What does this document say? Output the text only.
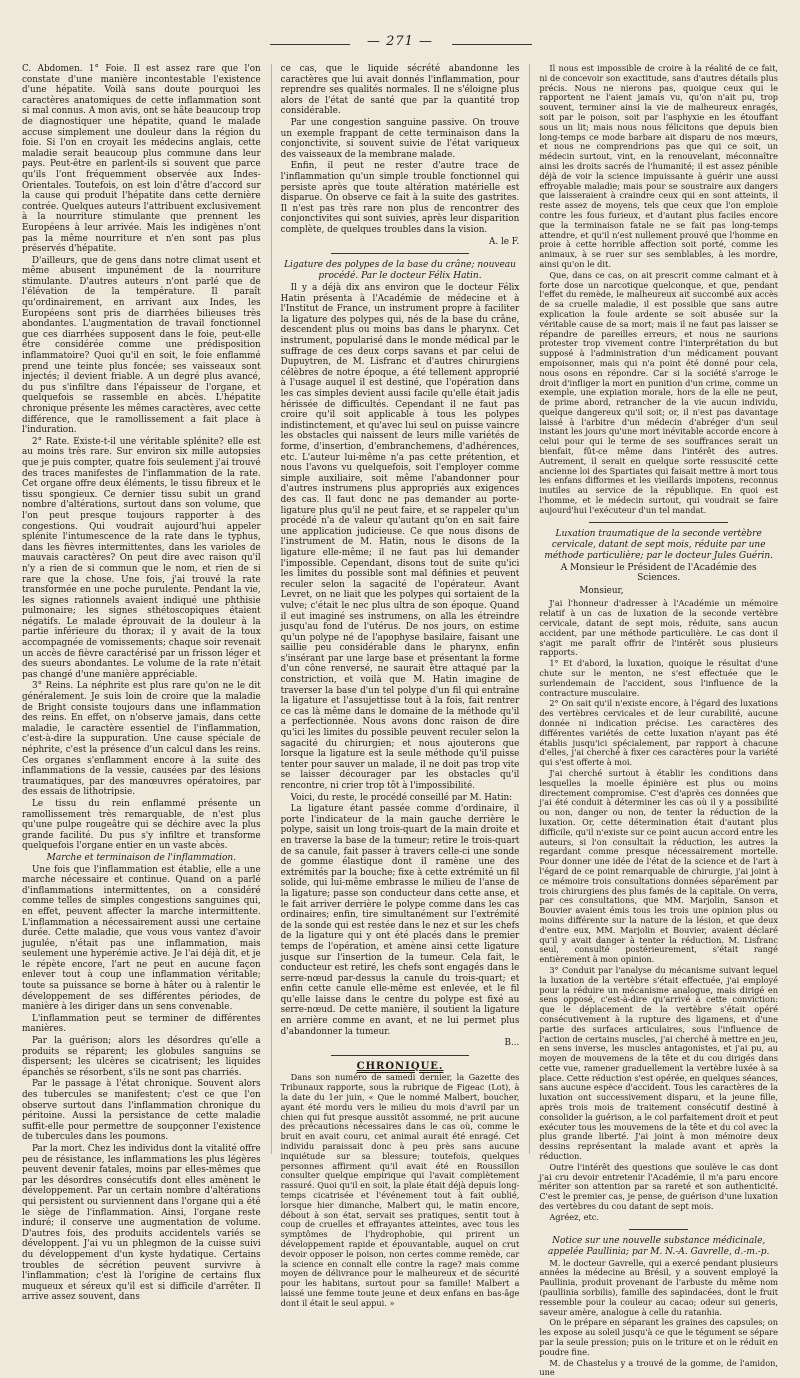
— 271 —

C. Abdomen. 1° Foie. Il est assez rare que l'on constate d'une manière incontestable l'existence d'une hépatite. Voilà sans doute pourquoi les caractères anatomiques de cette inflammation sont si mal connus. A mon avis, ont se hâte beaucoup trop de diagnostiquer une hépatite, quand le malade accuse simplement une douleur dans la région du foie. Si l'on en croyait les médecins anglais, cette maladie serait beaucoup plus commune dans leur pays. Peut-être en parlent-ils si souvent que parce qu'ils l'ont fréquemment observée aux Indes-Orientales. Toutefois, on est loin d'être d'accord sur la cause qui produit l'hépatite dans cette dernière contrée. Quelques auteurs l'attribuent exclusivement à la nourriture stimulante que prennent les Européens à leur arrivée. Mais les indigènes n'ont pas la même nourriture et n'en sont pas plus préservés d'hépatite.

D'ailleurs, que de gens dans notre climat usent et même abusent impunément de la nourriture stimulante. D'autres auteurs n'ont parlé que de l'élévation de la température. Il paraît qu'ordinairement, en arrivant aux Indes, les Européens sont pris de diarrhées bilieuses très abondantes. L'augmentation de travail fonctionnel que ces diarrhées supposent dans le foie, peut-elle être considérée comme une prédisposition inflammatoire? Quoi qu'il en soit, le foie enflammé prend une teinte plus foncée; ses vaisseaux sont injectés; il devient friable. A un degré plus avancé, du pus s'infiltre dans l'épaisseur de l'organe, et quelquefois se rassemble en abcès. L'hépatite chronique présente les mêmes caractères, avec cette différence, que le ramollissement a fait place à l'induration.

2° Rate. Existe-t-il une véritable splénite? elle est au moins très rare. Sur environ six mille autopsies que je puis compter, quatre fois seulement j'ai trouvé des traces manifestes de l'inflammation de la rate. Cet organe offre deux éléments, le tissu fibreux et le tissu spongieux. Ce dernier tissu subit un grand nombre d'altérations, surtout dans son volume, que l'on peut presque toujours rapporter à des congestions. Qui voudrait aujourd'hui appeler splénite l'intumescence de la rate dans le typhus, dans les fièvres intermittentes, dans les varioles de mauvais caractères? On peut dire avec raison qu'il n'y a rien de si commun que le nom, et rien de si rare que la chose. Une fois, j'ai trouvé la rate transformée en une poche purulente. Pendant la vie, les signes rationnels avaient indiqué une phthisie pulmonaire; les signes sthétoscopiques étaient négatifs. Le malade éprouvait de la douleur à la partie inférieure du thorax; il y avait de la toux accompagnée de vomissements; chaque soir revenait un accès de fièvre caractérisé par un frisson léger et des sueurs abondantes. Le volume de la rate n'était pas changé d'une manière appréciable.

3° Reins. La néphrite est plus rare qu'on ne le dit généralement. Je suis loin de croire que la maladie de Bright consiste toujours dans une inflammation des reins. En effet, on n'observe jamais, dans cette maladie, le caractère essentiel de l'inflammation, c'est-à-dire la suppuration. Une cause spéciale de néphrite, c'est la présence d'un calcul dans les reins. Ces organes s'enflamment encore à la suite des inflammations de la vessie, causées par des lésions traumatiques, par des manœuvres opératoires, par des essais de lithotripsie.

Le tissu du rein enflammé présente un ramollissement très remarquable, de n'est plus qu'une pulpe rougeâtre qui se déchire avec la plus grande facilité. Du pus s'y infiltre et transforme quelquefois l'organe entier en un vaste abcès.

Marche et terminaison de l'inflammation.

Une fois que l'inflammation est établie, elle a une marche nécessaire et continue. Quand on a parlé d'inflammations intermittentes, on a considéré comme telles de simples congestions sanguines qui, en effet, peuvent affecter la marche intermittente. L'inflammation a nécessairement aussi une certaine durée. Cette maladie, que vous vous vantez d'avoir jugulée, n'était pas une inflammation, mais seulement une hyperémie active. Je l'ai déjà dit, et je le répète encore, l'art ne peut en aucune façon enlever tout à coup une inflammation véritable; toute sa puissance se borne à hâter ou à ralentir le développement de ses différentes périodes, de manière à les diriger dans un sens convenable.

L'inflammation peut se terminer de différentes manières.

Par la guérison; alors les désordres qu'elle a produits se réparent; les globules sanguins se dispersent; les ulcères se cicatrisent; les liquides épanchés se résorbent, s'ils ne sont pas charriés.

Par le passage à l'état chronique. Souvent alors des tubercules se manifestent; c'est ce que l'on observe surtout dans l'inflammation chronique du péritoine. Aussi la persistance de cette maladie suffit-elle pour permettre de soupçonner l'existence de tubercules dans les poumons.

Par la mort. Chez les individus dont la vitalité offre peu de résistance, les inflammations les plus légères peuvent devenir fatales, moins par elles-mêmes que par les désordres consécutifs dont elles amènent le développement. Par un certain nombre d'altérations qui persistent ou surviennent dans l'organe qui a été le siège de l'inflammation. Ainsi, l'organe reste induré; il conserve une augmentation de volume. D'autres fois, des produits accidentels variés se développent. J'ai vu un phlegmon de la cuisse suivi du développement d'un kyste hydatique. Certains troubles de sécrétion peuvent survivre à l'inflammation; c'est là l'origine de certains flux muqueux et séreux qu'il est si difficile d'arrêter. Il arrive assez souvent, dans

ce cas, que le liquide sécrété abandonne les caractères que lui avait donnés l'inflammation, pour reprendre ses qualités normales. Il ne s'éloigne plus alors de l'état de santé que par la quantité trop considérable.

Par une congestion sanguine passive. On trouve un exemple frappant de cette terminaison dans la conjonctivite, si souvent suivie de l'état variqueux des vaisseaux de la membrane malade.

Enfin, il peut ne rester d'autre trace de l'inflammation qu'un simple trouble fonctionnel qui persiste après que toute altération matérielle est disparue. On observe ce fait à la suite des gastrites. Il n'est pas très rare non plus de rencontrer des conjonctivites qui sont suivies, après leur disparition complète, de quelques troubles dans la vision.

A. le F.

Ligature des polypes de la base du crâne; nouveau procédé. Par le docteur Félix Hatin.

Il y a déjà dix ans environ que le docteur Félix Hatin présenta à l'Académie de médecine et à l'Institut de France, un instrument propre à faciliter la ligature des polypes qui, nés de la base du crâne, descendent plus ou moins bas dans le pharynx. Cet instrument, popularisé dans le monde médical par le suffrage de ces deux corps savans et par celui de Dupuytren, de M. Lisfranc et d'autres chirurgiens célèbres de notre époque, a été tellement approprié à l'usage auquel il est destiné, que l'opération dans les cas simples devient aussi facile qu'elle était jadis hérissée de difficultés. Cependant il ne faut pas croire qu'il soit applicable à tous les polypes indistinctement, et qu'avec lui seul on puisse vaincre les obstacles qui naissent de leurs mille variétés de forme, d'insertion, d'embranchemens, d'adhérences, etc. L'auteur lui-même n'a pas cette prétention, et nous l'avons vu quelquefois, soit l'employer comme simple auxiliaire, soit même l'abandonner pour d'autres instrumens plus appropriés aux exigences des cas. Il faut donc ne pas demander au porte-ligature plus qu'il ne peut faire, et se rappeler qu'un procédé n'a de valeur qu'autant qu'on en sait faire une application judicieuse. Ce que nous disons de l'instrument de M. Hatin, nous le disons de la ligature elle-même; il ne faut pas lui demander l'impossible. Cependant, disons tout de suite qu'ici les limites du possible sont mal définies et peuvent reculer selon la sagacité de l'opérateur. Avant Levret, on ne liait que les polypes qui sortaient de la vulve; c'était le nec plus ultra de son époque. Quand il eut imaginé ses instrumens, on alla les étreindre jusqu'au fond de l'utérus. De nos jours, on estime qu'un polype né de l'apophyse basilaire, faisant une saillie peu considérable dans le pharynx, enfin s'insérant par une large base et présentant la forme d'un cône renversé, ne saurait être attaqué par la constriction, et voilà que M. Hatin imagine de traverser la base d'un tel polype d'un fil qui entraîne la ligature et l'assujettisse tout à la fois, fait rentrer ce cas là même dans le domaine de la méthode qu'il a perfectionnée. Nous avons donc raison de dire qu'ici les limites du possible peuvent reculer selon la sagacité du chirurgien; et nous ajouterons que lorsque la ligature est la seule méthode qu'il puisse tenter pour sauver un malade, il ne doit pas trop vite se laisser décourager par les obstacles qu'il rencontre, ni crier trop tôt à l'impossibilité.

Voici, du reste, le procédé conseillé par M. Hatin:

La ligature étant passée comme d'ordinaire, il porte l'indicateur de la main gauche derrière le polype, saisit un long trois-quart de la main droite et en traverse la base de la tumeur; retire le trois-quart de sa canule, fait passer à travers celle-ci une sonde de gomme élastique dont il ramène une des extrémités par la bouche; fixe à cette extrémité un fil solide, qui lui-même embrasse le milieu de l'anse de la ligature; passe son conducteur dans cette anse, et le fait arriver derrière le polype comme dans les cas ordinaires; enfin, tire simultanément sur l'extrémité de la sonde qui est restée dans le nez et sur les chefs de la ligature qui y ont été placés dans le premier temps de l'opération, et amène ainsi cette ligature jusque sur l'insertion de la tumeur. Cela fait, le conducteur est retiré, les chefs sont engagés dans le serre-nœud par-dessus la canule du trois-quart; et enfin cette canule elle-même est enlevée, et le fil qu'elle laisse dans le centre du polype est fixé au serre-nœud. De cette manière, il soutient la ligature en arrière comme en avant, et ne lui permet plus d'abandonner la tumeur.

B...

CHRONIQUE.

Dans son numéro de samedi dernier, la Gazette des Tribunaux rapporte, sous la rubrique de Figeac (Lot), à la date du 1er juin, « Que le nommé Malbert, boucher, ayant été mordu vers le milieu du mois d'avril par un chien qui fut presque aussitôt assommé, ne prit aucune des précautions nécessaires dans le cas où, comme le bruit en avait couru, cet animal aurait été enragé. Cet individu paraissait donc à peu près sans aucune inquiétude sur sa blessure; toutefois, quelques personnes affirment qu'il avait été en Roussillon consulter quelque empirique qui l'avait complètement rassuré. Quoi qu'il en soit, la plaie était déjà depuis long-temps cicatrisée et l'événement tout à fait oublié, lorsque hier dimanche, Malbert qui, le matin encore, débout à son état, servait ses pratiques, sentit tout à coup de cruelles et effrayantes atteintes, avec tous les symptômes de l'hydrophobie, qui prirent un développement rapide et épouvantable, auquel on crut devoir opposer le poison, non certes comme remède, car la science en connaît elle contre la rage? mais comme moyen de délivrance pour le malheureux et de sécurité pour les habitans, surtout pour sa famille! Malbert a laissé une femme toute jeune et deux enfans en bas-âge dont il était le seul appui. »

Il nous est impossible de croire à la réalité de ce fait, ni de concevoir son exactitude, sans d'autres détails plus précis. Nous ne nierons pas, quoique ceux qui le rapportent ne l'aient jamais vu, qu'on n'ait pu, trop souvent, terminer ainsi la vie de malheureux enragés, soit par le poison, soit par l'asphyxie en les étouffant sous un lit; mais nous nous félicitons que depuis bien long-temps ce mode barbare ait disparu de nos mœurs, et nous ne comprendrions pas que qui ce soit, un médecin surtout, vint, en la renouvelant, méconnaître ainsi les droits sacrés de l'humanité; il est assez pénible déjà de voir la science impuissante à guérir une aussi effroyable maladie; mais pour se soustraire aux dangers que laisseraient à craindre ceux qui en sont atteints, il reste assez de moyens, tels que ceux que l'on emploie contre les fous furieux, et d'autant plus faciles encore que la terminaison fatale ne se fait pas long-temps attendre, et qu'il n'est nullement prouvé que l'homme en proie à cette horrible affection soit porté, comme les animaux, à se ruer sur ses semblables, à les mordre, ainsi qu'on le dit.

Que, dans ce cas, on ait prescrit comme calmant et à forte dose un narcotique quelconque, et que, pendant l'effet du remède, le malheureux ait succombé aux accès de sa cruelle maladie, il est possible que sans autre explication la foule ardente se soit abusée sur la véritable cause de sa mort; mais il ne faut pas laisser se répandre de pareilles erreurs, et nous ne saurions protester trop vivement contre l'interprétation du but supposé à l'administration d'un médicament pouvant empoisonner, mais qui n'a point été donné pour cela, nous osons en répondre. Car si la société s'arroge le droit d'infliger la mort en punition d'un crime, comme un exemple, une expiation morale, hors de la elle ne peut, de prime abord, retrancher de la vie aucun individu, quelque dangereux qu'il soit; or, il n'est pas davantage laissé à l'arbitre d'un médecin d'abréger d'un seul instant les jours qu'une mort inévitable accorde encore à celui pour qui le terme de ses souffrances serait un bienfait, fût-ce même dans l'intérêt des autres. Autrement, il serait en quelque sorte ressuscité cette ancienne loi des Spartiates qui faisait mettre à mort tous les enfans difformes et les vieillards impotens, reconnus inutiles au service de la république. En quoi est l'homme, et le médecin surtout, qui voudrait se faire aujourd'hui l'exécuteur d'un tel mandat.

Luxation traumatique de la seconde vertèbre cervicale, datant de sept mois, réduite par une méthode particulière; par le docteur Jules Guérin.

A Monsieur le Président de l'Académie des Sciences.

Monsieur,

J'ai l'honneur d'adresser à l'Académie un mémoire relatif à un cas de luxation de la seconde vertèbre cervicale, datant de sept mois, réduite, sans aucun accident, par une méthode particulière. Le cas dont il s'agit me paraît offrir de l'intérêt sous plusieurs rapports.

1° Et d'abord, la luxation, quoique le résultat d'une chute sur le menton, ne s'est effectuée que le surlendemain de l'accident, sous l'influence de la contracture musculaire.

2° On sait qu'il n'existe encore, à l'égard des luxations des vertèbres cervicales et de leur curabilité, aucune donnée ni indication précise. Les caractères des différentes variétés de cette luxation n'ayant pas été établis jusqu'ici spécialement, par rapport à chacune d'elles, j'ai cherché à fixer ces caractères pour la variété qui s'est offerte à moi.

J'ai cherché surtout à établir les conditions dans lesquelles la moelle épinière est plus ou moins directement compromise. C'est d'après ces données que j'ai été conduit à déterminer les cas où il y a possibilité ou non, danger ou non, de tenter la réduction de la luxation. Or, cette détermination était d'autant plus difficile, qu'il n'existe sur ce point aucun accord entre les auteurs, si l'on consultait la réduction, les autres la regardant comme presque nécessairement mortelle. Pour donner une idée de l'état de la science et de l'art à l'égard de ce point remarquable de chirurgie, j'ai joint à ce mémoire trois consultations données séparément par trois chirurgiens des plus famés de la capitale. On verra, par ces consultations, que MM. Marjolin, Sanson et Bouvier avaient émis tous les trois une opinion plus ou moins différente sur la nature de la lésion, et que deux d'entre eux, MM. Marjolin et Bouvier, avaient déclaré qu'il y avait danger à tenter la réduction. M. Lisfranc seul, consulté postérieurement, s'était rangé entièrement à mon opinion.

3° Conduit par l'analyse du mécanisme suivant lequel la luxation de la vertèbre s'était effectuée, j'ai employé pour la réduire un mécanisme analogue, mais dirigé en sens opposé, c'est-à-dire qu'arrivé à cette conviction: que le déplacement de la vertèbre s'était opéré consécutivement à la rupture des ligamens, et d'une partie des surfaces articulaires, sous l'influence de l'action de certains muscles, j'ai cherché à mettre en jeu, en sens inverse, les muscles antagonistes, et j'ai pu, au moyen de mouvemens de la tête et du cou dirigés dans cette vue, ramener graduellement la vertèbre luxée à sa place. Cette réduction s'est opérée, en quelques séances, sans aucune espèce d'accident. Tous les caractères de la luxation ont successivement disparu, et la jeune fille, après trois mois de traitement consécutif destiné à consolider la guérison, a le col parfaitement droit et peut exécuter tous les mouvemens de la tête et du col avec la plus grande liberté. J'ai joint à mon mémoire deux dessins représentant la malade avant et après la réduction.

Outre l'intérêt des questions que soulève le cas dont j'ai cru devoir entretenir l'Académie, il m'a paru encore mériter son attention par sa rareté et son authenticité. C'est le premier cas, je pense, de guérison d'une luxation des vertèbres du cou datant de sept mois.

Agréez, etc.

Notice sur une nouvelle substance médicinale, appelée Paullinia; par M. N.-A. Gavrelle, d.-m.-p.

M. le docteur Gavrelle, qui a exercé pendant plusieurs années la médecine au Brésil, y a souvent employé la Paullinia, produit provenant de l'arbuste du même nom (paullinia sorbilis), famille des sapindacées, dont le fruit ressemble pour la couleur au cacao; odeur sui generis, saveur amère, analogue à celle du ratanhia.

On le prépare en séparant les graines des capsules; on les expose au soleil jusqu'à ce que le tégument se sépare par la seule pression; puis on le triture et on le réduit en poudre fine.

M. de Chastelus y a trouvé de la gomme, de l'amidon, une
